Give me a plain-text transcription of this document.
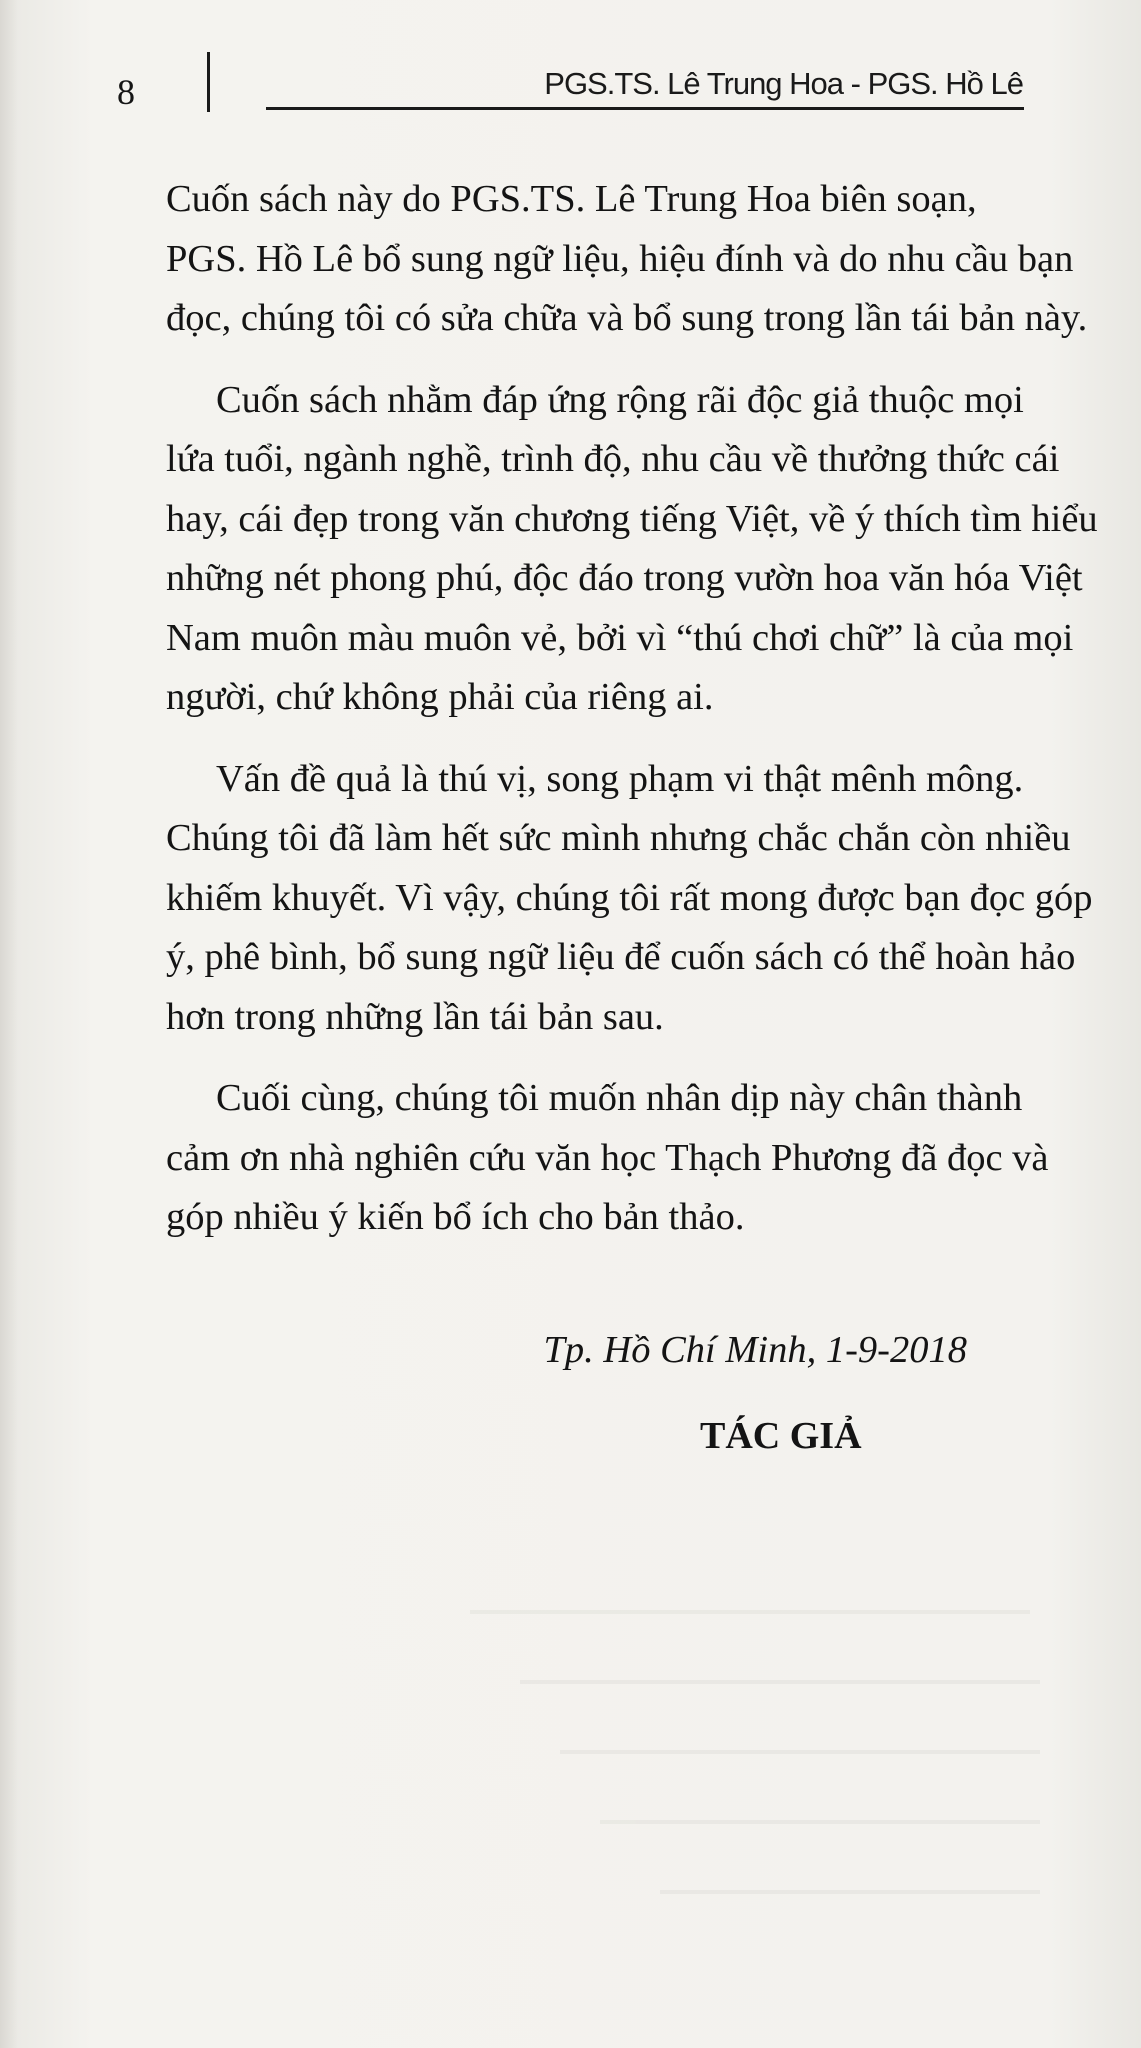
8	PGS.TS. Lê Trung Hoa - PGS. Hồ Lê
Cuốn sách này do PGS.TS. Lê Trung Hoa biên soạn,
PGS. Hồ Lê bổ sung ngữ liệu, hiệu đính và do nhu cầu bạn
đọc, chúng tôi có sửa chữa và bổ sung trong lần tái bản này.
Cuốn sách nhằm đáp ứng rộng rãi độc giả thuộc mọi
lứa tuổi, ngành nghề, trình độ, nhu cầu về thưởng thức cái
hay, cái đẹp trong văn chương tiếng Việt, về ý thích tìm hiểu
những nét phong phú, độc đáo trong vườn hoa văn hóa Việt
Nam muôn màu muôn vẻ, bởi vì “thú chơi chữ” là của mọi
người, chứ không phải của riêng ai.
Vấn đề quả là thú vị, song phạm vi thật mênh mông.
Chúng tôi đã làm hết sức mình nhưng chắc chắn còn nhiều
khiếm khuyết. Vì vậy, chúng tôi rất mong được bạn đọc góp
ý, phê bình, bổ sung ngữ liệu để cuốn sách có thể hoàn hảo
hơn trong những lần tái bản sau.
Cuối cùng, chúng tôi muốn nhân dịp này chân thành
cảm ơn nhà nghiên cứu văn học Thạch Phương đã đọc và
góp nhiều ý kiến bổ ích cho bản thảo.
Tp. Hồ Chí Minh, 1-9-2018
TÁC GIẢ
